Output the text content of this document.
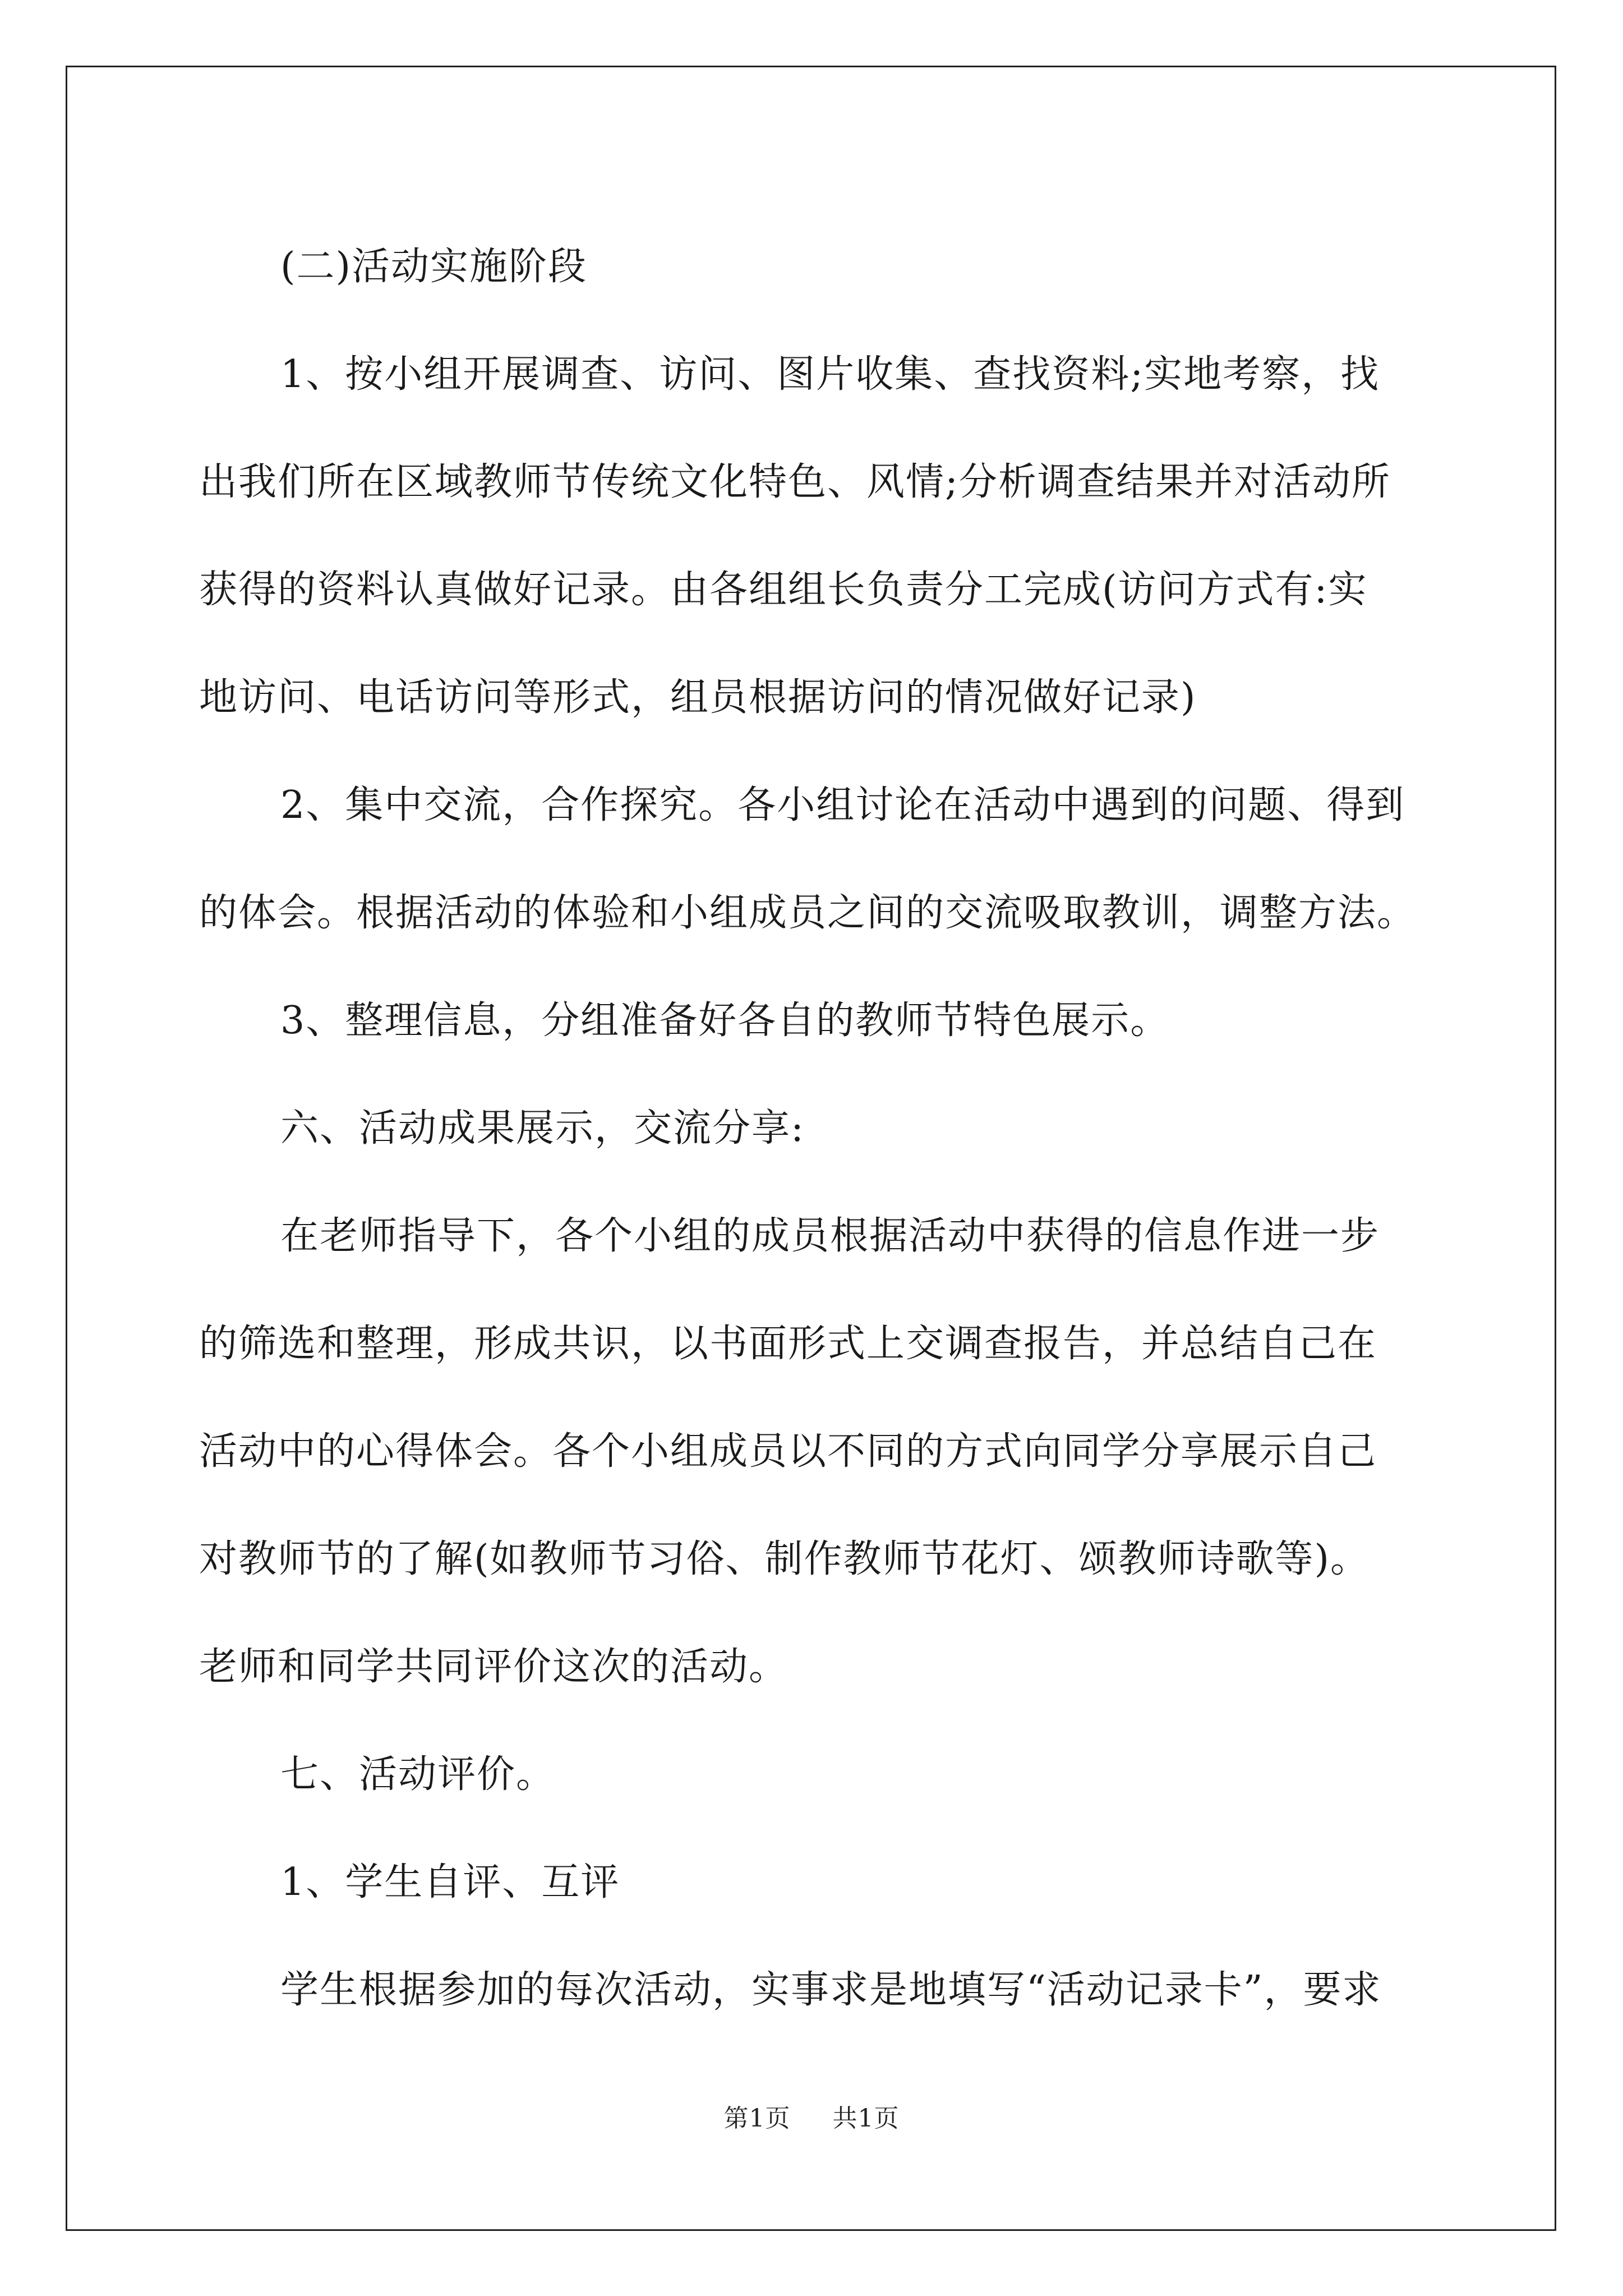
(二)活动实施阶段

1、按小组开展调查、访问、图片收集、查找资料;实地考察，找
出我们所在区域教师节传统文化特色、风情;分析调查结果并对活动所
获得的资料认真做好记录。由各组组长负责分工完成(访问方式有:实
地访问、电话访问等形式，组员根据访问的情况做好记录)

2、集中交流，合作探究。各小组讨论在活动中遇到的问题、得到
的体会。根据活动的体验和小组成员之间的交流吸取教训，调整方法。

3、整理信息，分组准备好各自的教师节特色展示。

六、活动成果展示，交流分享:

在老师指导下，各个小组的成员根据活动中获得的信息作进一步
的筛选和整理，形成共识，以书面形式上交调查报告，并总结自己在
活动中的心得体会。各个小组成员以不同的方式向同学分享展示自己
对教师节的了解(如教师节习俗、制作教师节花灯、颂教师诗歌等)。
老师和同学共同评价这次的活动。

七、活动评价。

1、学生自评、互评

学生根据参加的每次活动，实事求是地填写“活动记录卡”，要求

第1页 共1页
